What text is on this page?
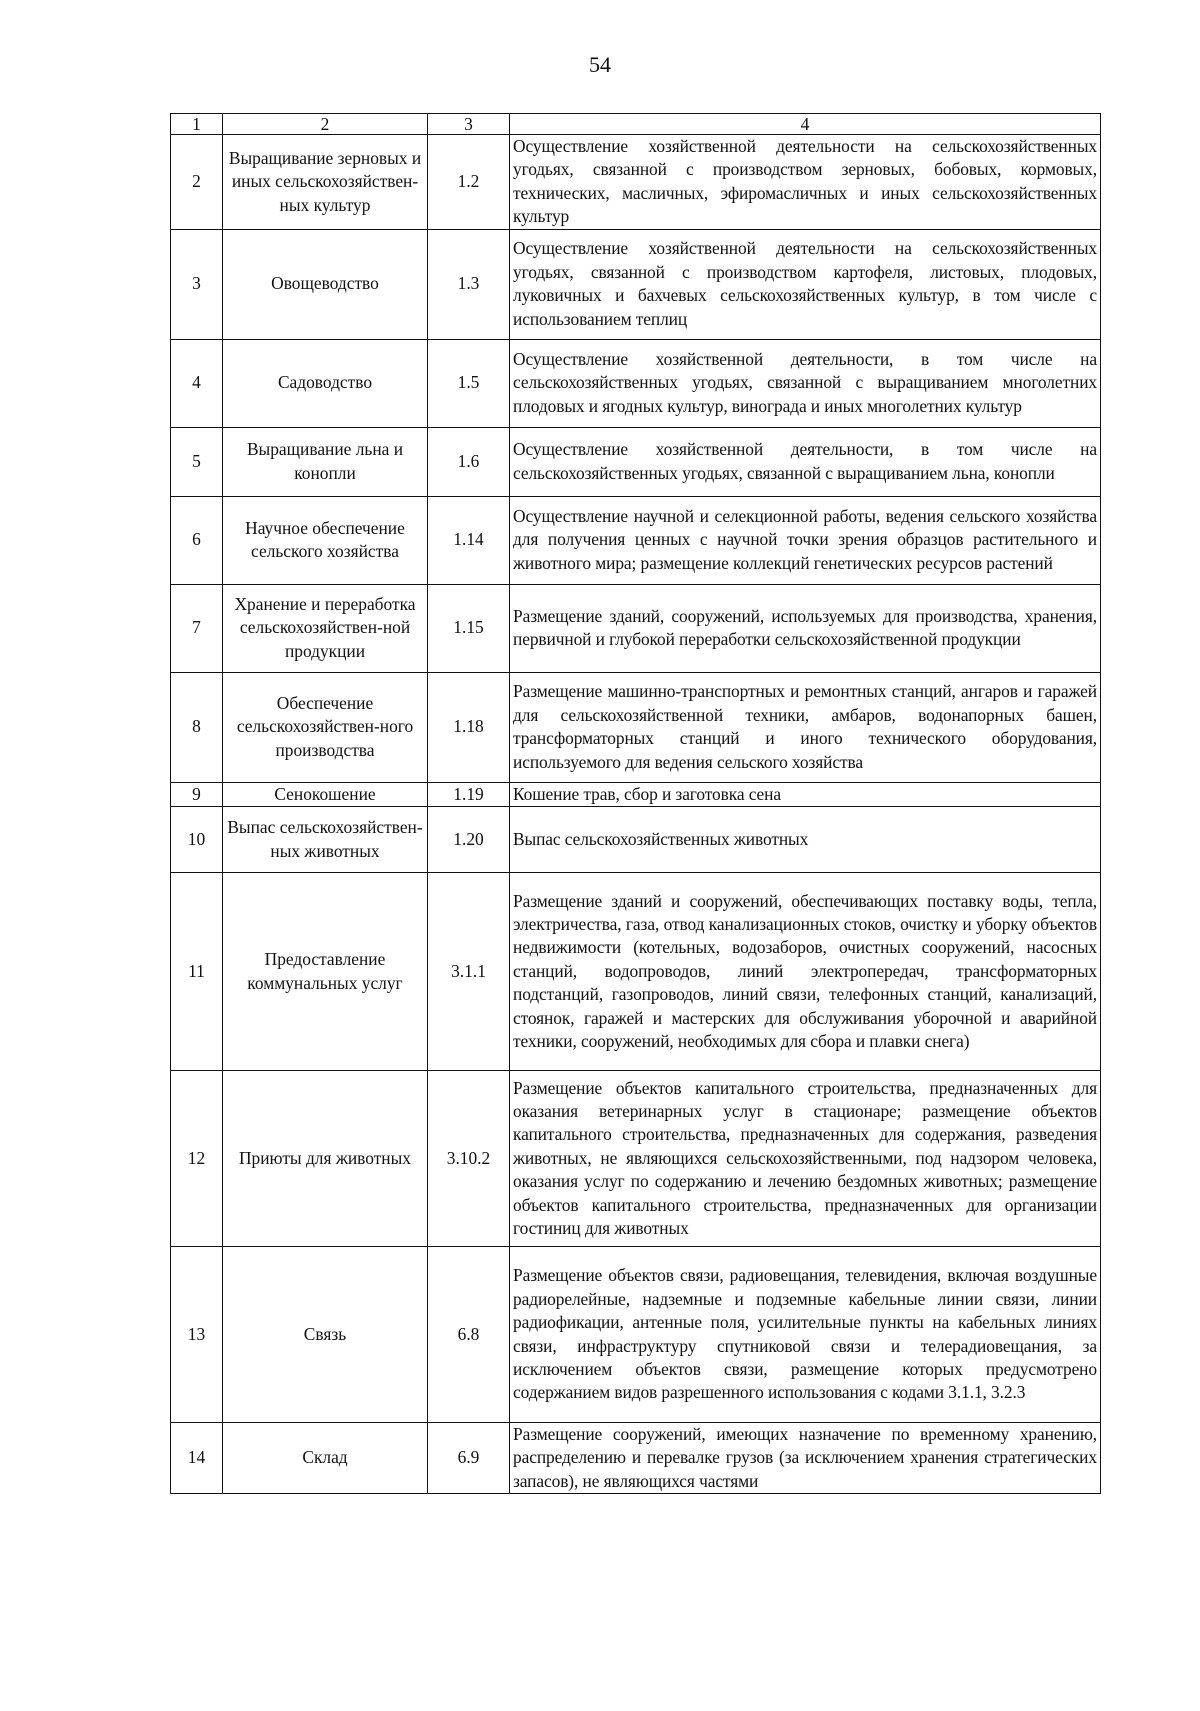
54
1	2	3	4
2	Выращивание зерновых и иных сельскохозяйствен-ных культур	1.2	Осуществление хозяйственной деятельности на сельскохозяйственных угодьях, связанной с производством зерновых, бобовых, кормовых, технических, масличных, эфиромасличных и иных сельскохозяйственных культур
3	Овощеводство	1.3	Осуществление хозяйственной деятельности на сельскохозяйственных угодьях, связанной с производством картофеля, листовых, плодовых, луковичных и бахчевых сельскохозяйственных культур, в том числе с использованием теплиц
4	Садоводство	1.5	Осуществление хозяйственной деятельности, в том числе на сельскохозяйственных угодьях, связанной с выращиванием многолетних плодовых и ягодных культур, винограда и иных многолетних культур
5	Выращивание льна и конопли	1.6	Осуществление хозяйственной деятельности, в том числе на сельскохозяйственных угодьях, связанной с выращиванием льна, конопли
6	Научное обеспечение сельского хозяйства	1.14	Осуществление научной и селекционной работы, ведения сельского хозяйства для получения ценных с научной точки зрения образцов растительного и животного мира; размещение коллекций генетических ресурсов растений
7	Хранение и переработка сельскохозяйствен-ной продукции	1.15	Размещение зданий, сооружений, используемых для производства, хранения, первичной и глубокой переработки сельскохозяйственной продукции
8	Обеспечение сельскохозяйствен-ного производства	1.18	Размещение машинно-транспортных и ремонтных станций, ангаров и гаражей для сельскохозяйственной техники, амбаров, водонапорных башен, трансформаторных станций и иного технического оборудования, используемого для ведения сельского хозяйства
9	Сенокошение	1.19	Кошение трав, сбор и заготовка сена
10	Выпас сельскохозяйствен-ных животных	1.20	Выпас сельскохозяйственных животных
11	Предоставление коммунальных услуг	3.1.1	Размещение зданий и сооружений, обеспечивающих поставку воды, тепла, электричества, газа, отвод канализационных стоков, очистку и уборку объектов недвижимости (котельных, водозаборов, очистных сооружений, насосных станций, водопроводов, линий электропередач, трансформаторных подстанций, газопроводов, линий связи, телефонных станций, канализаций, стоянок, гаражей и мастерских для обслуживания уборочной и аварийной техники, сооружений, необходимых для сбора и плавки снега)
12	Приюты для животных	3.10.2	Размещение объектов капитального строительства, предназначенных для оказания ветеринарных услуг в стационаре; размещение объектов капитального строительства, предназначенных для содержания, разведения животных, не являющихся сельскохозяйственными, под надзором человека, оказания услуг по содержанию и лечению бездомных животных; размещение объектов капитального строительства, предназначенных для организации гостиниц для животных
13	Связь	6.8	Размещение объектов связи, радиовещания, телевидения, включая воздушные радиорелейные, надземные и подземные кабельные линии связи, линии радиофикации, антенные поля, усилительные пункты на кабельных линиях связи, инфраструктуру спутниковой связи и телерадиовещания, за исключением объектов связи, размещение которых предусмотрено содержанием видов разрешенного использования с кодами 3.1.1, 3.2.3
14	Склад	6.9	Размещение сооружений, имеющих назначение по временному хранению, распределению и перевалке грузов (за исключением хранения стратегических запасов), не являющихся частями
